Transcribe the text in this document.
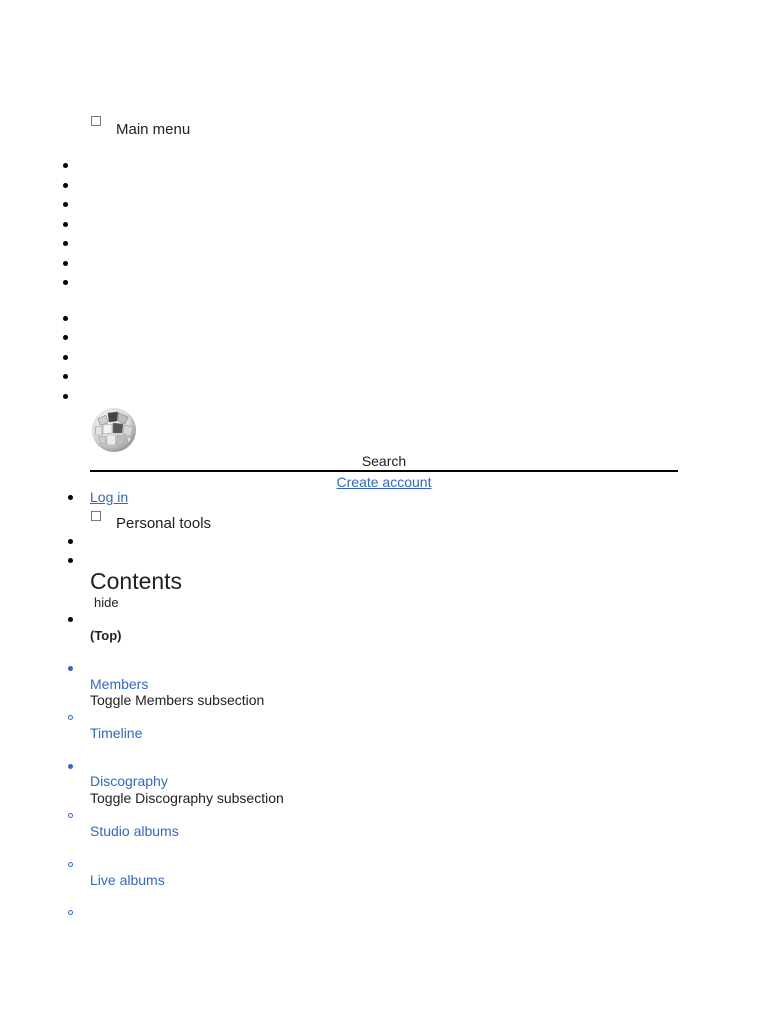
Main menu
Search
Create account
Log in
Personal tools
Contents
hide
(Top)
Members
Toggle Members subsection
Timeline
Discography
Toggle Discography subsection
Studio albums
Live albums
